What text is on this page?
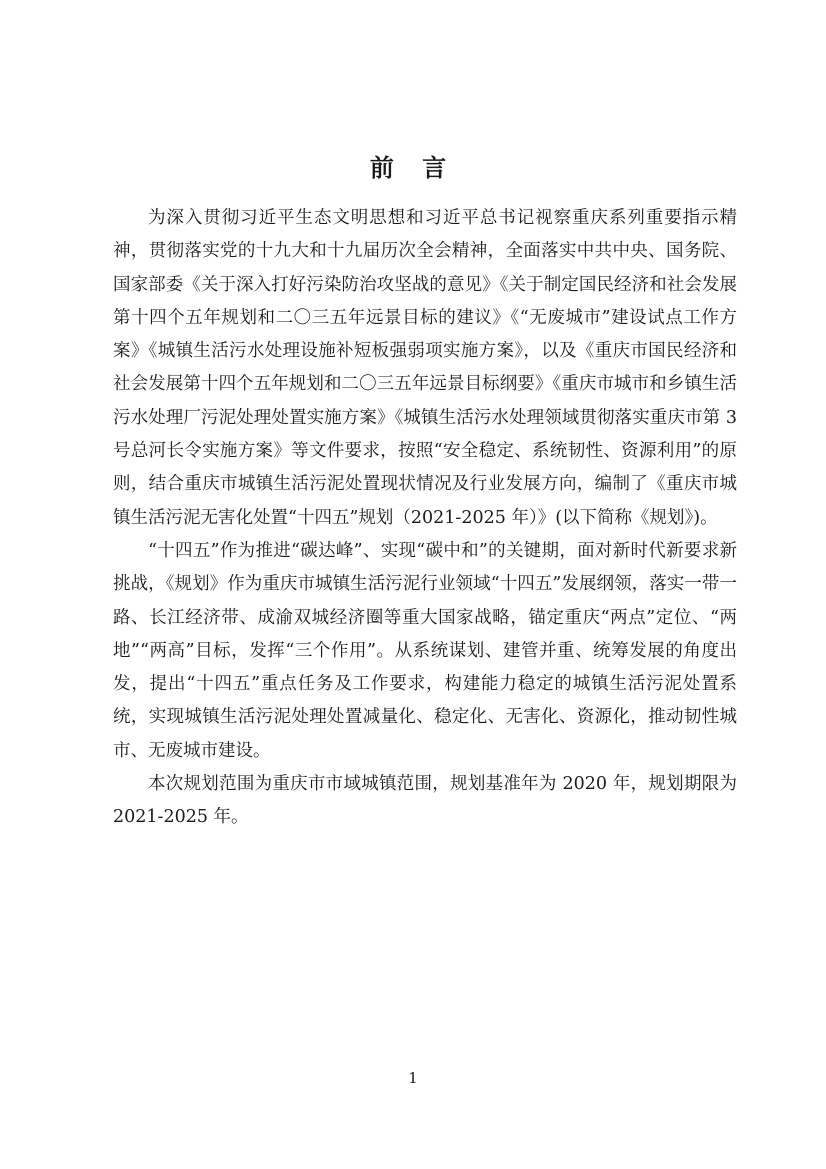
前 言

为深入贯彻习近平生态文明思想和习近平总书记视察重庆系列重要指示精神，贯彻落实党的十九大和十九届历次全会精神，全面落实中共中央、国务院、国家部委《关于深入打好污染防治攻坚战的意见》《关于制定国民经济和社会发展第十四个五年规划和二〇三五年远景目标的建议》《“无废城市”建设试点工作方案》《城镇生活污水处理设施补短板强弱项实施方案》，以及《重庆市国民经济和社会发展第十四个五年规划和二〇三五年远景目标纲要》《重庆市城市和乡镇生活污水处理厂污泥处理处置实施方案》《城镇生活污水处理领域贯彻落实重庆市第 3 号总河长令实施方案》等文件要求，按照“安全稳定、系统韧性、资源利用”的原则，结合重庆市城镇生活污泥处置现状情况及行业发展方向，编制了《重庆市城镇生活污泥无害化处置“十四五”规划（2021-2025 年）》(以下简称《规划》)。

“十四五”作为推进“碳达峰”、实现“碳中和”的关键期，面对新时代新要求新挑战，《规划》作为重庆市城镇生活污泥行业领域“十四五”发展纲领，落实一带一路、长江经济带、成渝双城经济圈等重大国家战略，锚定重庆“两点”定位、“两地”“两高”目标，发挥“三个作用”。从系统谋划、建管并重、统筹发展的角度出发，提出“十四五”重点任务及工作要求，构建能力稳定的城镇生活污泥处置系统，实现城镇生活污泥处理处置减量化、稳定化、无害化、资源化，推动韧性城市、无废城市建设。

本次规划范围为重庆市市域城镇范围，规划基准年为 2020 年，规划期限为 2021-2025 年。

1
